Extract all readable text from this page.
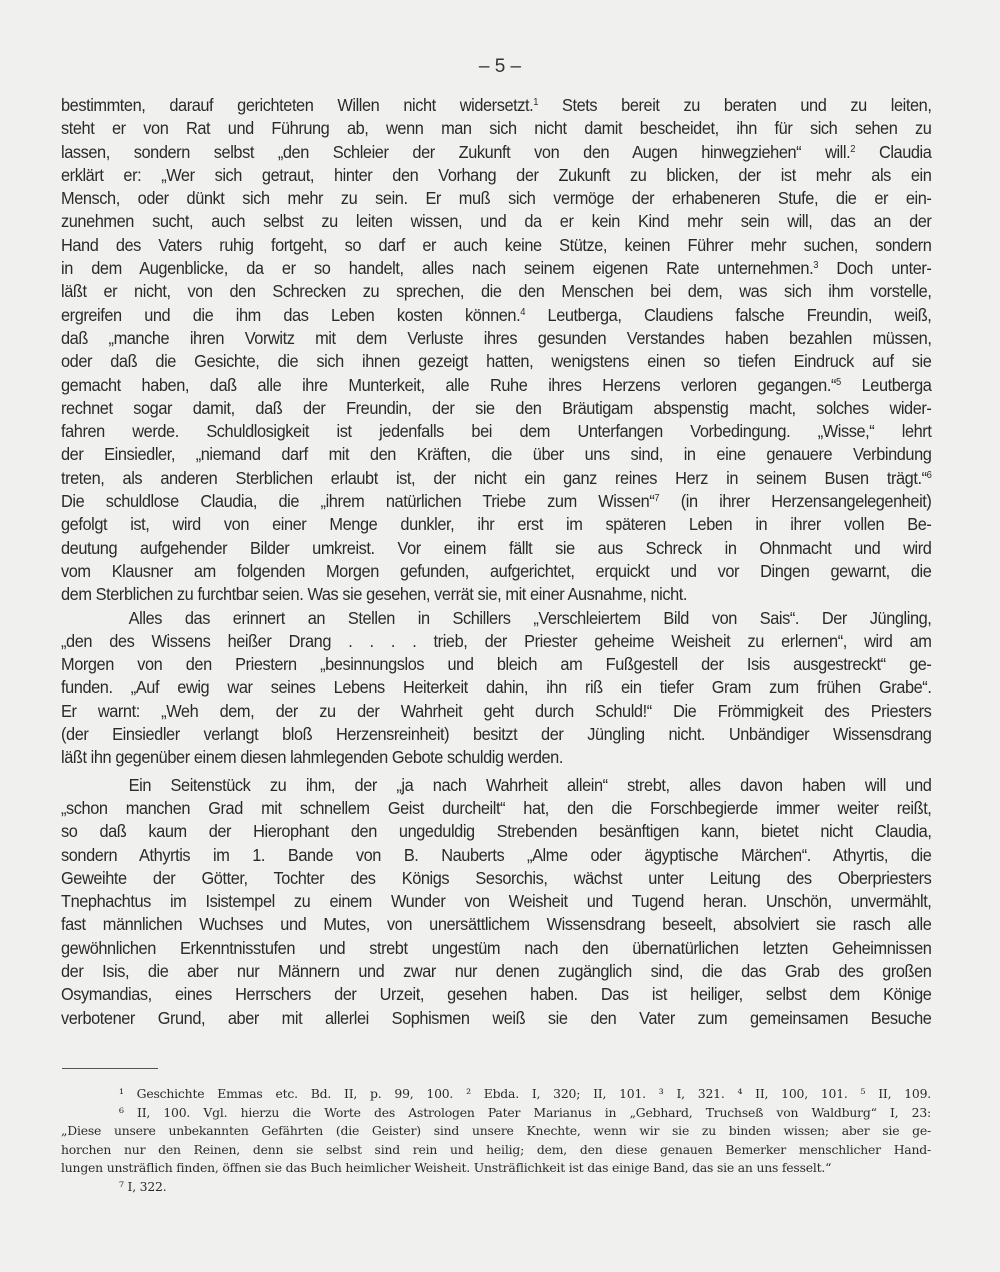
– 5 –
bestimmten, darauf gerichteten Willen nicht widersetzt.$^1$ Stets bereit zu beraten und zu leiten,
steht er von Rat und Führung ab, wenn man sich nicht damit bescheidet, ihn für sich sehen zu
lassen, sondern selbst „den Schleier der Zukunft von den Augen hinwegziehen“ will.$^2$ Claudia
erklärt er: „Wer sich getraut, hinter den Vorhang der Zukunft zu blicken, der ist mehr als ein
Mensch, oder dünkt sich mehr zu sein. Er muß sich vermöge der erhabeneren Stufe, die er ein-
zunehmen sucht, auch selbst zu leiten wissen, und da er kein Kind mehr sein will, das an der
Hand des Vaters ruhig fortgeht, so darf er auch keine Stütze, keinen Führer mehr suchen, sondern
in dem Augenblicke, da er so handelt, alles nach seinem eigenen Rate unternehmen.$^3$ Doch unter-
läßt er nicht, von den Schrecken zu sprechen, die den Menschen bei dem, was sich ihm vorstelle,
ergreifen und die ihm das Leben kosten können.$^4$ Leutberga, Claudiens falsche Freundin, weiß,
daß „manche ihren Vorwitz mit dem Verluste ihres gesunden Verstandes haben bezahlen müssen,
oder daß die Gesichte, die sich ihnen gezeigt hatten, wenigstens einen so tiefen Eindruck auf sie
gemacht haben, daß alle ihre Munterkeit, alle Ruhe ihres Herzens verloren gegangen.“$^5$ Leutberga
rechnet sogar damit, daß der Freundin, der sie den Bräutigam abspenstig macht, solches wider-
fahren werde. Schuldlosigkeit ist jedenfalls bei dem Unterfangen Vorbedingung. „Wisse,“ lehrt
der Einsiedler, „niemand darf mit den Kräften, die über uns sind, in eine genauere Verbindung
treten, als anderen Sterblichen erlaubt ist, der nicht ein ganz reines Herz in seinem Busen trägt.“$^6$
Die schuldlose Claudia, die „ihrem natürlichen Triebe zum Wissen“$^7$ (in ihrer Herzensangelegenheit)
gefolgt ist, wird von einer Menge dunkler, ihr erst im späteren Leben in ihrer vollen Be-
deutung aufgehender Bilder umkreist. Vor einem fällt sie aus Schreck in Ohnmacht und wird
vom Klausner am folgenden Morgen gefunden, aufgerichtet, erquickt und vor Dingen gewarnt, die
dem Sterblichen zu furchtbar seien. Was sie gesehen, verrät sie, mit einer Ausnahme, nicht.
Alles das erinnert an Stellen in Schillers „Verschleiertem Bild von Sais“. Der Jüngling,
„den des Wissens heißer Drang . . . . trieb, der Priester geheime Weisheit zu erlernen“, wird am
Morgen von den Priestern „besinnungslos und bleich am Fußgestell der Isis ausgestreckt“ ge-
funden. „Auf ewig war seines Lebens Heiterkeit dahin, ihn riß ein tiefer Gram zum frühen Grabe“.
Er warnt: „Weh dem, der zu der Wahrheit geht durch Schuld!“ Die Frömmigkeit des Priesters
(der Einsiedler verlangt bloß Herzensreinheit) besitzt der Jüngling nicht. Unbändiger Wissensdrang
läßt ihn gegenüber einem diesen lahmlegenden Gebote schuldig werden.
Ein Seitenstück zu ihm, der „ja nach Wahrheit allein“ strebt, alles davon haben will und
„schon manchen Grad mit schnellem Geist durcheilt“ hat, den die Forschbegierde immer weiter reißt,
so daß kaum der Hierophant den ungeduldig Strebenden besänftigen kann, bietet nicht Claudia,
sondern Athyrtis im 1. Bande von B. Nauberts „Alme oder ägyptische Märchen“. Athyrtis, die
Geweihte der Götter, Tochter des Königs Sesorchis, wächst unter Leitung des Oberpriesters
Tnephachtus im Isistempel zu einem Wunder von Weisheit und Tugend heran. Unschön, unvermählt,
fast männlichen Wuchses und Mutes, von unersättlichem Wissensdrang beseelt, absolviert sie rasch alle
gewöhnlichen Erkenntnisstufen und strebt ungestüm nach den übernatürlichen letzten Geheimnissen
der Isis, die aber nur Männern und zwar nur denen zugänglich sind, die das Grab des großen
Osymandias, eines Herrschers der Urzeit, gesehen haben. Das ist heiliger, selbst dem Könige
verbotener Grund, aber mit allerlei Sophismen weiß sie den Vater zum gemeinsamen Besuche
¹ Geschichte Emmas etc. Bd. II, p. 99, 100. ² Ebda. I, 320; II, 101. ³ I, 321. ⁴ II, 100, 101. ⁵ II, 109.
⁶ II, 100. Vgl. hierzu die Worte des Astrologen Pater Marianus in „Gebhard, Truchseß von Waldburg“ I, 23:
„Diese unsere unbekannten Gefährten (die Geister) sind unsere Knechte, wenn wir sie zu binden wissen; aber sie ge-
horchen nur den Reinen, denn sie selbst sind rein und heilig; dem, den diese genauen Bemerker menschlicher Hand-
lungen unsträflich finden, öffnen sie das Buch heimlicher Weisheit. Unsträflichkeit ist das einige Band, das sie an uns fesselt.“
⁷ I, 322.
